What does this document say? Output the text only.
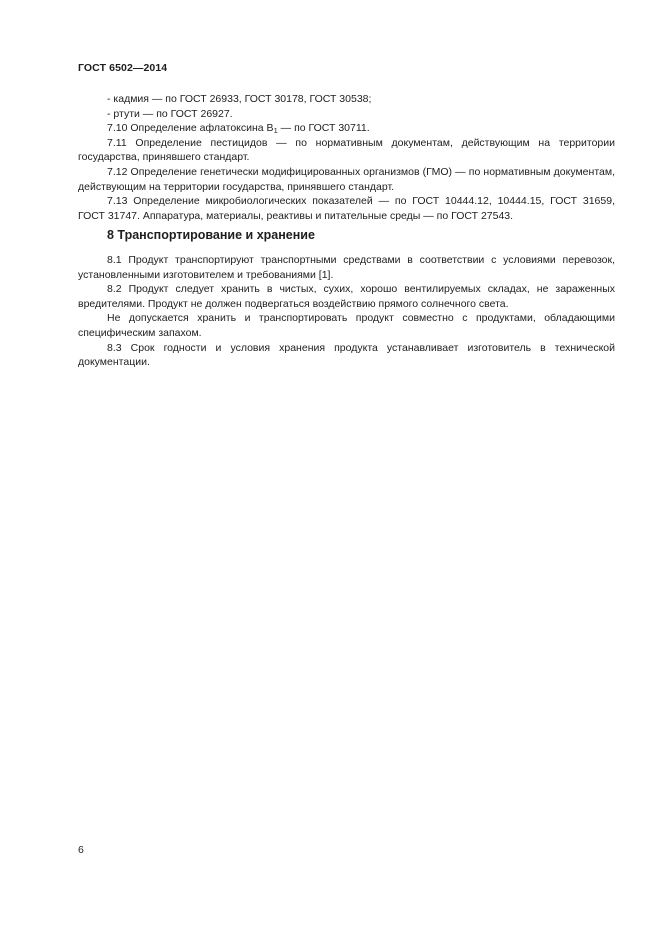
ГОСТ 6502—2014

- кадмия — по ГОСТ 26933, ГОСТ 30178, ГОСТ 30538;

- ртути — по ГОСТ 26927.

7.10 Определение афлатоксина $B_1$ — по ГОСТ 30711.

7.11 Определение пестицидов — по нормативным документам, действующим на территории государства, принявшего стандарт.

7.12 Определение генетически модифицированных организмов (ГМО) — по нормативным документам, действующим на территории государства, принявшего стандарт.

7.13 Определение микробиологических показателей — по ГОСТ 10444.12, 10444.15, ГОСТ 31659, ГОСТ 31747. Аппаратура, материалы, реактивы и питательные среды — по ГОСТ 27543.

8 Транспортирование и хранение

8.1 Продукт транспортируют транспортными средствами в соответствии с условиями перевозок, установленными изготовителем и требованиями [1].

8.2 Продукт следует хранить в чистых, сухих, хорошо вентилируемых складах, не зараженных вредителями. Продукт не должен подвергаться воздействию прямого солнечного света.

Не допускается хранить и транспортировать продукт совместно с продуктами, обладающими специфическим запахом.

8.3 Срок годности и условия хранения продукта устанавливает изготовитель в технической документации.

6
